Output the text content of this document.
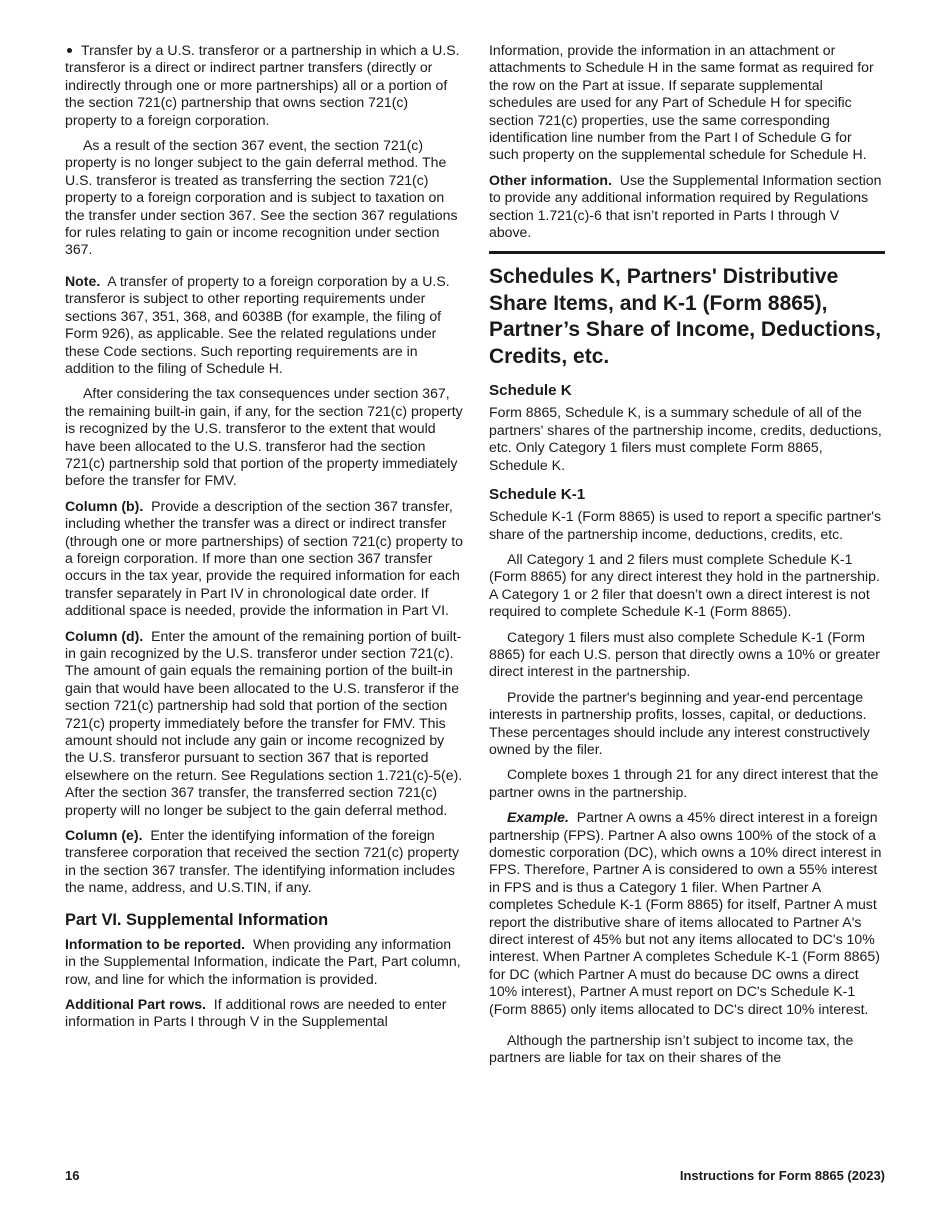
Transfer by a U.S. transferor or a partnership in which a U.S. transferor is a direct or indirect partner transfers (directly or indirectly through one or more partnerships) all or a portion of the section 721(c) partnership that owns section 721(c) property to a foreign corporation.

As a result of the section 367 event, the section 721(c) property is no longer subject to the gain deferral method. The U.S. transferor is treated as transferring the section 721(c) property to a foreign corporation and is subject to taxation on the transfer under section 367. See the section 367 regulations for rules relating to gain or income recognition under section 367.

Note. A transfer of property to a foreign corporation by a U.S. transferor is subject to other reporting requirements under sections 367, 351, 368, and 6038B (for example, the filing of Form 926), as applicable. See the related regulations under these Code sections. Such reporting requirements are in addition to the filing of Schedule H.

After considering the tax consequences under section 367, the remaining built-in gain, if any, for the section 721(c) property is recognized by the U.S. transferor to the extent that would have been allocated to the U.S. transferor had the section 721(c) partnership sold that portion of the property immediately before the transfer for FMV.

Column (b). Provide a description of the section 367 transfer, including whether the transfer was a direct or indirect transfer (through one or more partnerships) of section 721(c) property to a foreign corporation. If more than one section 367 transfer occurs in the tax year, provide the required information for each transfer separately in Part IV in chronological date order. If additional space is needed, provide the information in Part VI.

Column (d). Enter the amount of the remaining portion of built-in gain recognized by the U.S. transferor under section 721(c). The amount of gain equals the remaining portion of the built-in gain that would have been allocated to the U.S. transferor if the section 721(c) partnership had sold that portion of the section 721(c) property immediately before the transfer for FMV. This amount should not include any gain or income recognized by the U.S. transferor pursuant to section 367 that is reported elsewhere on the return. See Regulations section 1.721(c)-5(e). After the section 367 transfer, the transferred section 721(c) property will no longer be subject to the gain deferral method.

Column (e). Enter the identifying information of the foreign transferee corporation that received the section 721(c) property in the section 367 transfer. The identifying information includes the name, address, and U.S.TIN, if any.

Part VI. Supplemental Information

Information to be reported. When providing any information in the Supplemental Information, indicate the Part, Part column, row, and line for which the information is provided.

Additional Part rows. If additional rows are needed to enter information in Parts I through V in the Supplemental

Information, provide the information in an attachment or attachments to Schedule H in the same format as required for the row on the Part at issue. If separate supplemental schedules are used for any Part of Schedule H for specific section 721(c) properties, use the same corresponding identification line number from the Part I of Schedule G for such property on the supplemental schedule for Schedule H.

Other information. Use the Supplemental Information section to provide any additional information required by Regulations section 1.721(c)-6 that isn’t reported in Parts I through V above.

Schedules K, Partners' Distributive Share Items, and K-1 (Form 8865), Partner’s Share of Income, Deductions, Credits, etc.
Schedule K

Form 8865, Schedule K, is a summary schedule of all of the partners' shares of the partnership income, credits, deductions, etc. Only Category 1 filers must complete Form 8865, Schedule K.

Schedule K-1

Schedule K-1 (Form 8865) is used to report a specific partner's share of the partnership income, deductions, credits, etc.

All Category 1 and 2 filers must complete Schedule K-1 (Form 8865) for any direct interest they hold in the partnership. A Category 1 or 2 filer that doesn’t own a direct interest is not required to complete Schedule K-1 (Form 8865).

Category 1 filers must also complete Schedule K-1 (Form 8865) for each U.S. person that directly owns a 10% or greater direct interest in the partnership.

Provide the partner's beginning and year-end percentage interests in partnership profits, losses, capital, or deductions. These percentages should include any interest constructively owned by the filer.

Complete boxes 1 through 21 for any direct interest that the partner owns in the partnership.

Example. Partner A owns a 45% direct interest in a foreign partnership (FPS). Partner A also owns 100% of the stock of a domestic corporation (DC), which owns a 10% direct interest in FPS. Therefore, Partner A is considered to own a 55% interest in FPS and is thus a Category 1 filer. When Partner A completes Schedule K-1 (Form 8865) for itself, Partner A must report the distributive share of items allocated to Partner A's direct interest of 45% but not any items allocated to DC's 10% interest. When Partner A completes Schedule K-1 (Form 8865) for DC (which Partner A must do because DC owns a direct 10% interest), Partner A must report on DC's Schedule K-1 (Form 8865) only items allocated to DC's direct 10% interest.

Although the partnership isn’t subject to income tax, the partners are liable for tax on their shares of the

16	Instructions for Form 8865 (2023)
